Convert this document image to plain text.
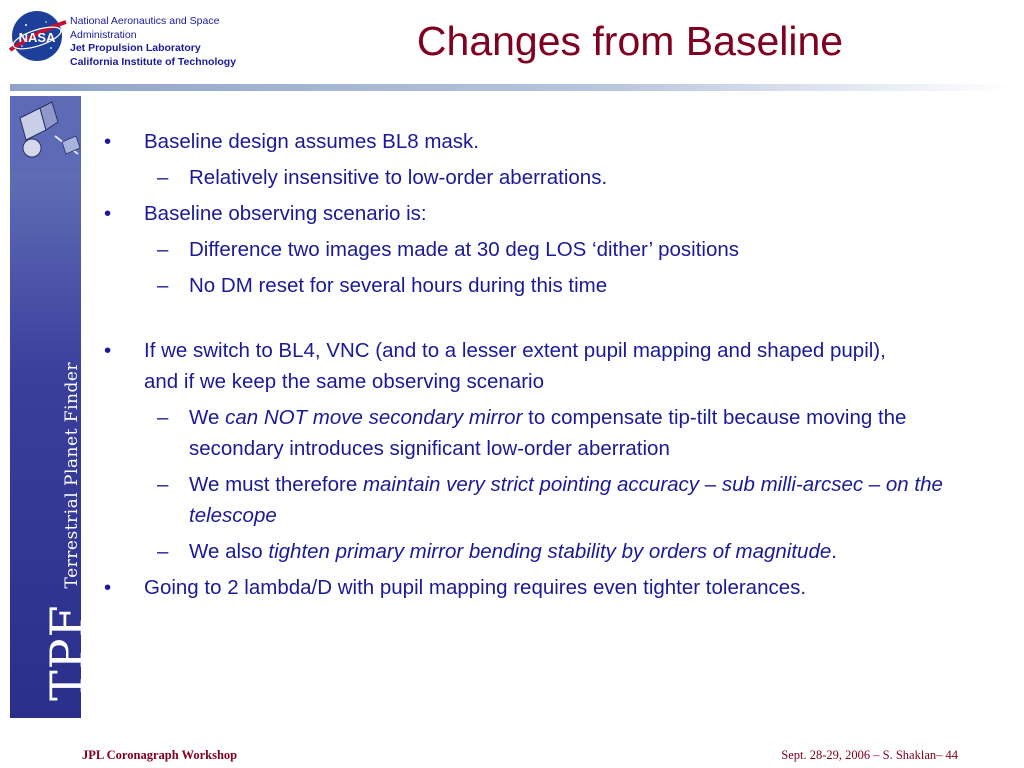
NASA
National Aeronautics and Space
Administration
Jet Propulsion Laboratory
California Institute of Technology	Changes from Baseline
TPFTerrestrial Planet Finder

• Baseline design assumes BL8 mask.

– Relatively insensitive to low-order aberrations.

• Baseline observing scenario is:

– Difference two images made at 30 deg LOS ‘dither’ positions

– No DM reset for several hours during this time

• If we switch to BL4, VNC (and to a lesser extent pupil mapping and shaped pupil), and if we keep the same observing scenario

– We can NOT move secondary mirror to compensate tip-tilt because moving the secondary introduces significant low-order aberration

– We must therefore maintain very strict pointing accuracy – sub milli-arcsec – on the telescope

– We also tighten primary mirror bending stability by orders of magnitude.

• Going to 2 lambda/D with pupil mapping requires even tighter tolerances.

JPL Coronagraph Workshop	Sept. 28-29, 2006 – S. Shaklan– 44
